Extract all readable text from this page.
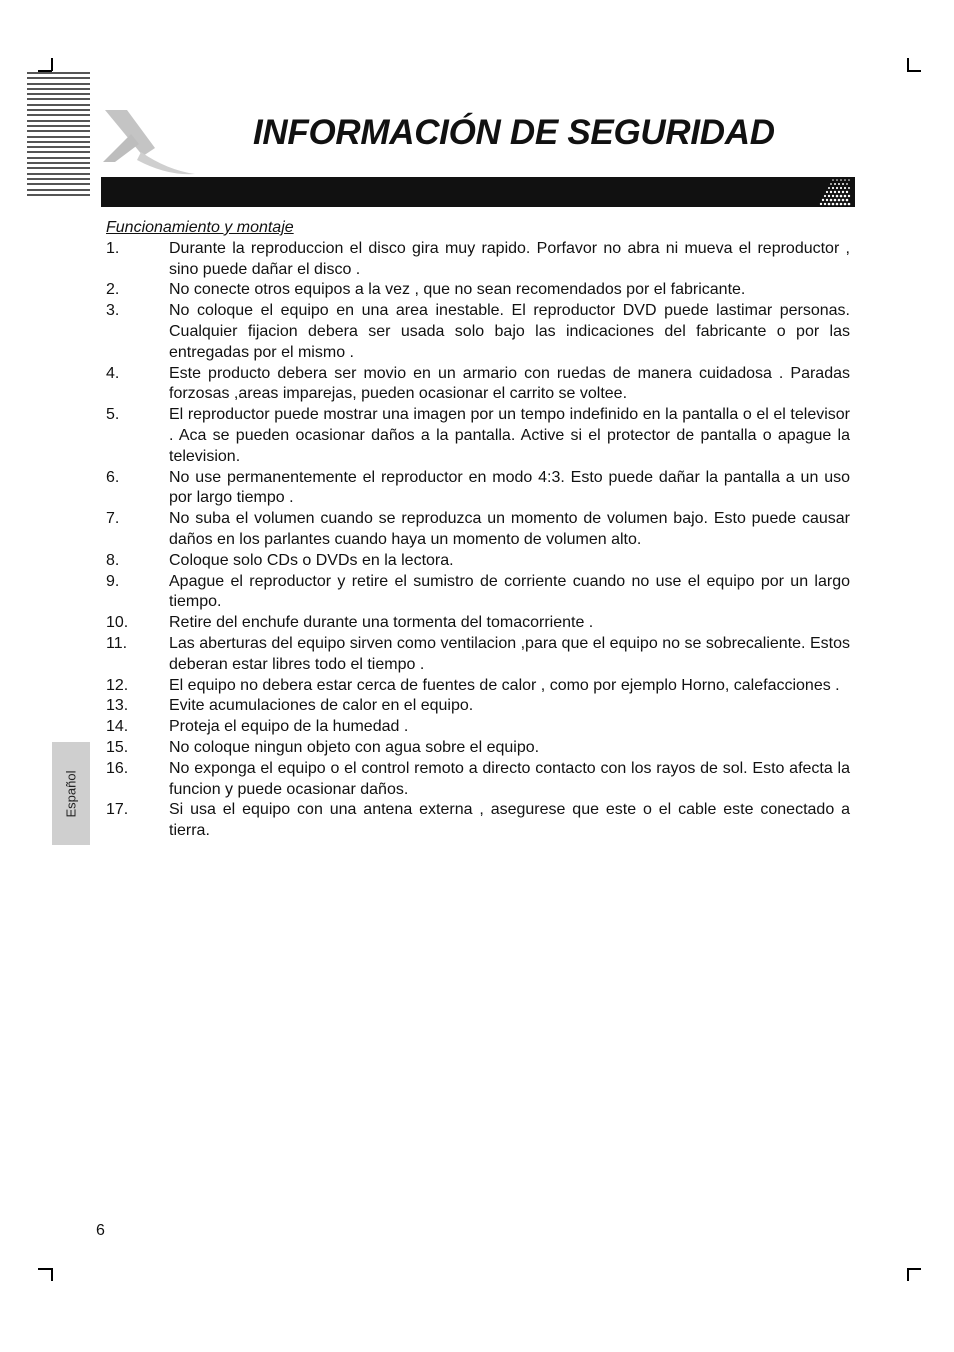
INFORMACIÓN DE SEGURIDAD
Español
Funcionamiento y montaje
1.	Durante la reproduccion el disco gira muy rapido. Porfavor no abra ni mueva el reproductor , sino puede dañar el disco .
2.	No conecte otros equipos a la vez , que no sean recomendados por el fabricante.
3.	No coloque el equipo en una area inestable. El reproductor DVD puede lastimar personas. Cualquier fijacion debera ser usada solo bajo las indicaciones del fabricante o por las entregadas por el mismo .
4.	Este producto debera ser movio en un armario con ruedas de manera cuidadosa . Paradas forzosas ,areas imparejas, pueden ocasionar el carrito se voltee.
5.	El reproductor puede mostrar una imagen por un tempo indefinido en la pantalla o el el televisor . Aca se pueden ocasionar daños a la pantalla. Active si el protector de pantalla o apague la television.
6.	No use permanentemente el reproductor en modo 4:3. Esto puede dañar la pantalla a un uso por largo tiempo .
7.	No suba el volumen cuando se reproduzca un momento de volumen bajo. Esto puede causar daños en los parlantes cuando haya un momento de volumen alto.
8.	Coloque solo CDs o DVDs en la lectora.
9.	Apague el reproductor y retire el sumistro de corriente cuando no use el equipo por un largo tiempo.
10.	Retire del enchufe durante una tormenta del tomacorriente .
11.	Las aberturas del equipo sirven como ventilacion ,para que el equipo no se sobrecaliente. Estos deberan estar libres todo el tiempo .
12.	El equipo no debera estar cerca de fuentes de calor , como por ejemplo Horno, calefacciones .
13.	Evite acumulaciones de calor en el equipo.
14.	Proteja el equipo de la humedad .
15.	No coloque ningun objeto con agua sobre el equipo.
16.	No exponga el equipo o el control remoto a directo contacto con los rayos de sol. Esto afecta la funcion y puede ocasionar daños.
17.	Si usa el equipo con una antena externa , asegurese que este o el cable este conectado a tierra.
6
